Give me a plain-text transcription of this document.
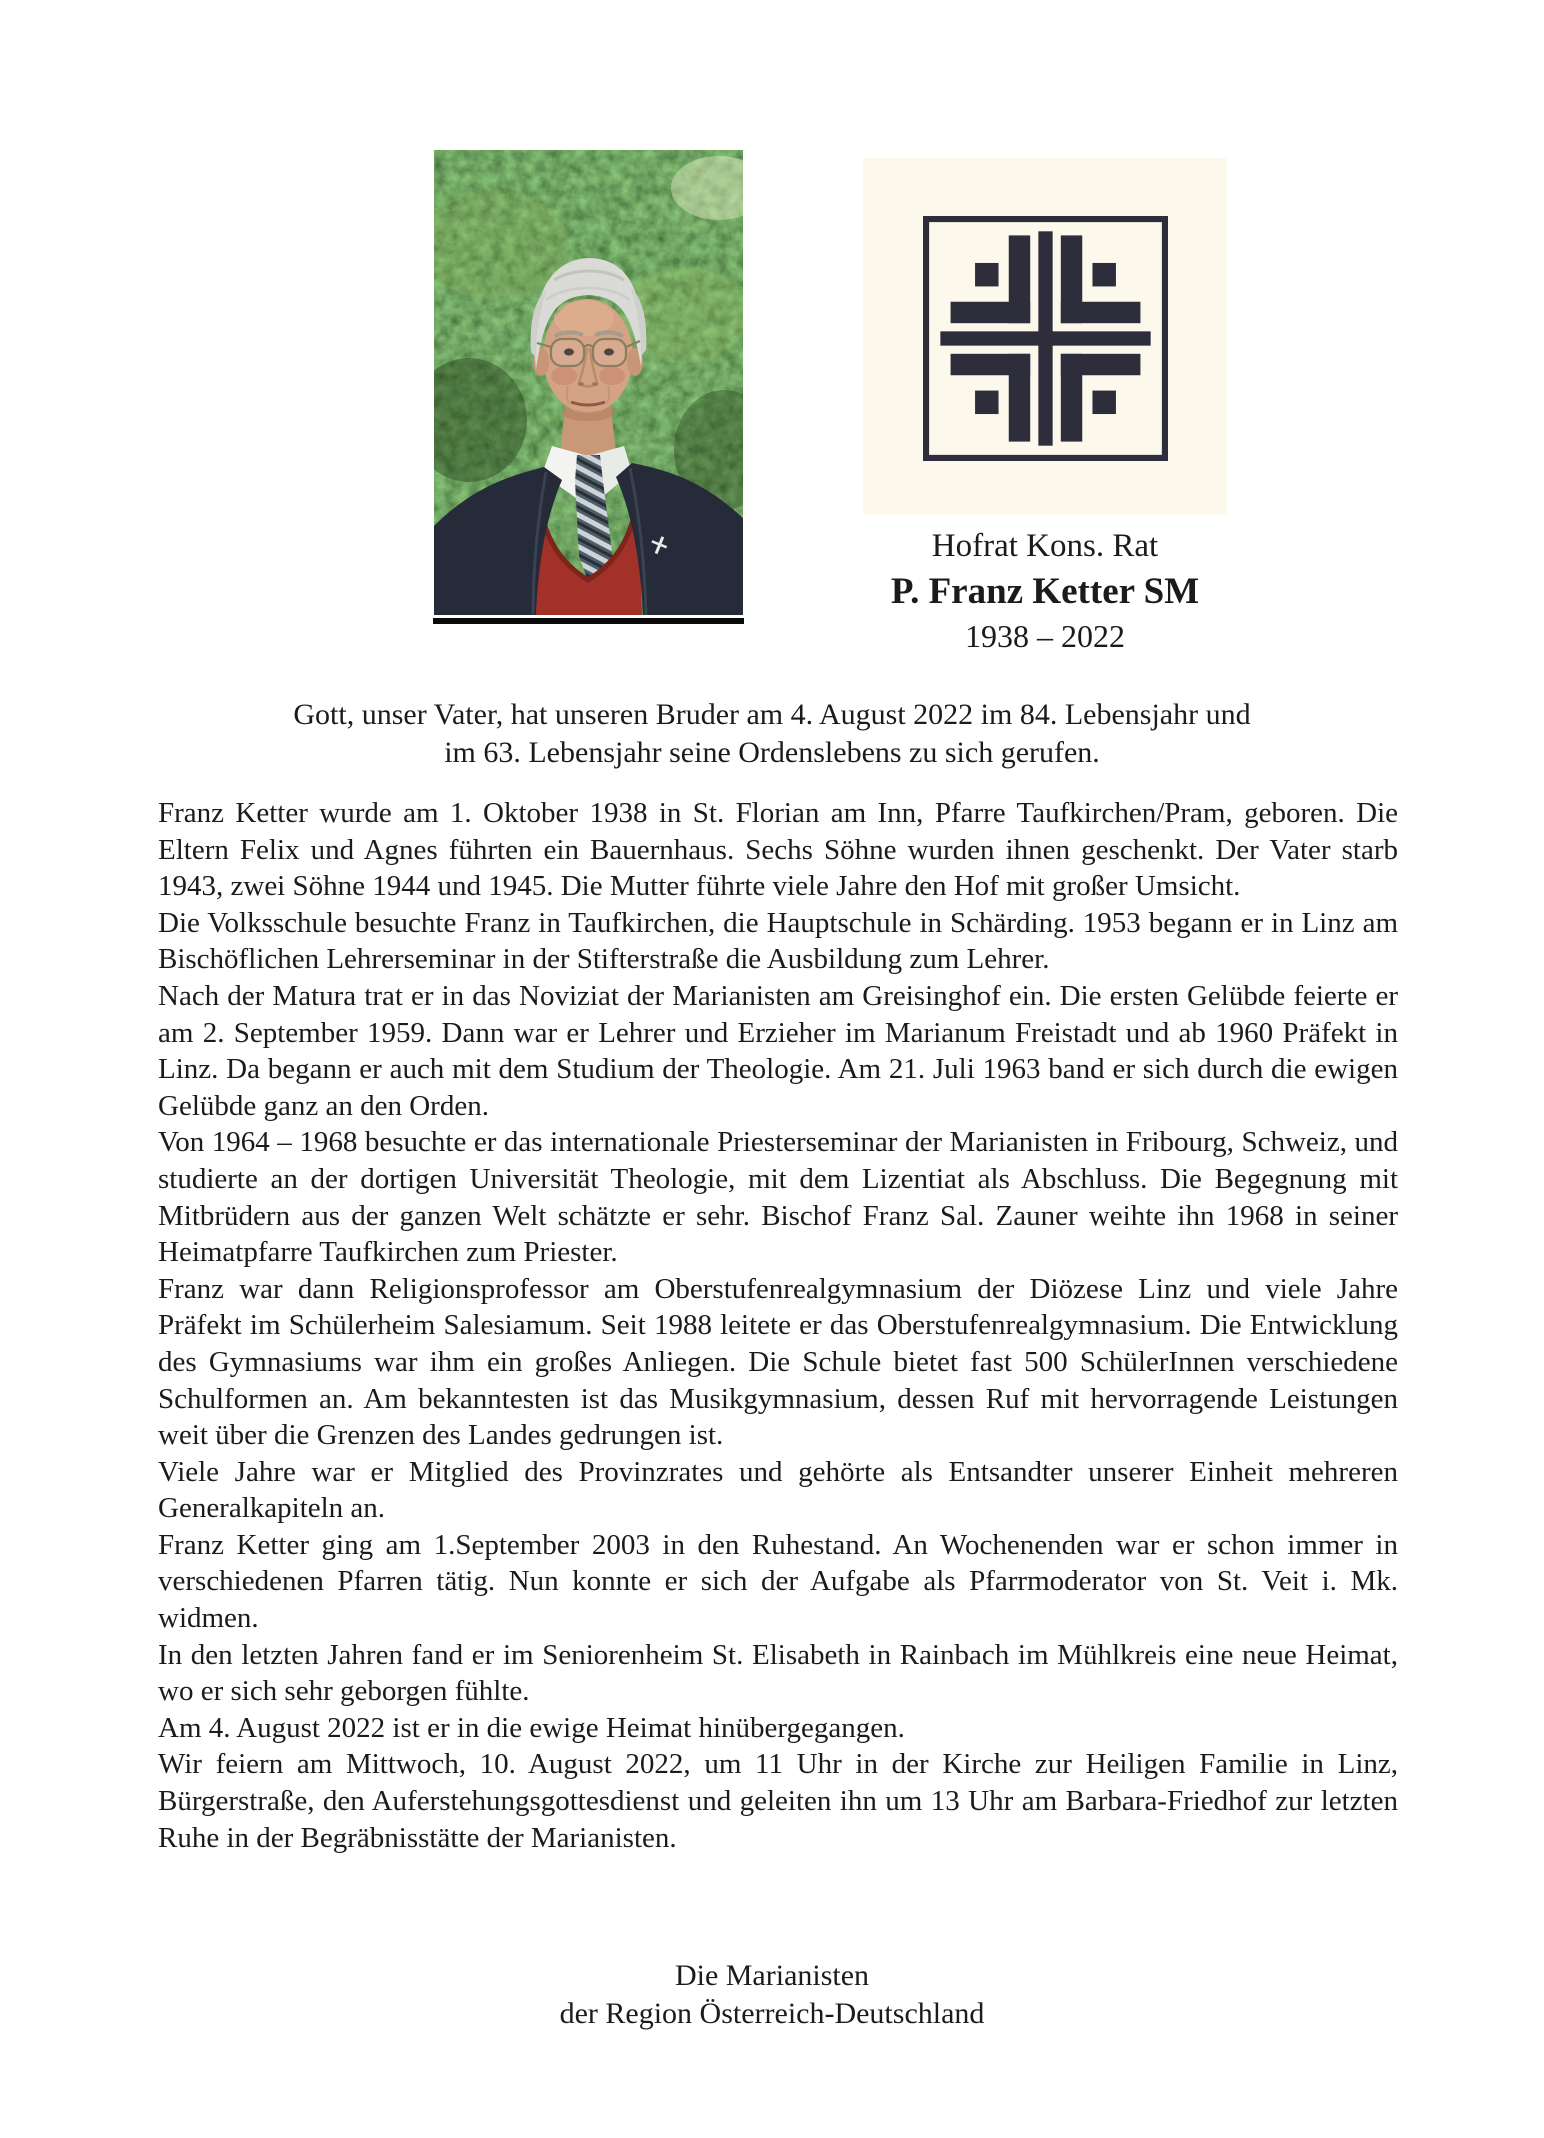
Hofrat Kons. Rat
P. Franz Ketter SM
1938 – 2022
Gott, unser Vater, hat unseren Bruder am 4. August 2022 im 84. Lebensjahr und
im 63. Lebensjahr seine Ordenslebens zu sich gerufen.

Franz Ketter wurde am 1. Oktober 1938 in St. Florian am Inn, Pfarre Taufkirchen/Pram, geboren. Die Eltern Felix und Agnes führten ein Bauernhaus. Sechs Söhne wurden ihnen geschenkt. Der Vater starb 1943, zwei Söhne 1944 und 1945. Die Mutter führte viele Jahre den Hof mit großer Umsicht.

Die Volksschule besuchte Franz in Taufkirchen, die Hauptschule in Schärding. 1953 begann er in Linz am Bischöflichen Lehrerseminar in der Stifterstraße die Ausbildung zum Lehrer.

Nach der Matura trat er in das Noviziat der Marianisten am Greisinghof ein. Die ersten Gelübde feierte er am 2. September 1959. Dann war er Lehrer und Erzieher im Marianum Freistadt und ab 1960 Präfekt in Linz. Da begann er auch mit dem Studium der Theologie. Am 21. Juli 1963 band er sich durch die ewigen Gelübde ganz an den Orden.

Von 1964 – 1968 besuchte er das internationale Priesterseminar der Marianisten in Fribourg, Schweiz, und studierte an der dortigen Universität Theologie, mit dem Lizentiat als Abschluss. Die Begegnung mit Mitbrüdern aus der ganzen Welt schätzte er sehr. Bischof Franz Sal. Zauner weihte ihn 1968 in seiner Heimatpfarre Taufkirchen zum Priester.

Franz war dann Religionsprofessor am Oberstufenrealgymnasium der Diözese Linz und viele Jahre Präfekt im Schülerheim Salesiamum. Seit 1988 leitete er das Oberstufenrealgymnasium. Die Entwicklung des Gymnasiums war ihm ein großes Anliegen. Die Schule bietet fast 500 SchülerInnen verschiedene Schulformen an. Am bekanntesten ist das Musikgymnasium, dessen Ruf mit hervorragende Leistungen weit über die Grenzen des Landes gedrungen ist.

Viele Jahre war er Mitglied des Provinzrates und gehörte als Entsandter unserer Einheit mehreren Generalkapiteln an.

Franz Ketter ging am 1.September 2003 in den Ruhestand. An Wochenenden war er schon immer in verschiedenen Pfarren tätig. Nun konnte er sich der Aufgabe als Pfarrmoderator von St. Veit i. Mk. widmen.

In den letzten Jahren fand er im Seniorenheim St. Elisabeth in Rainbach im Mühlkreis eine neue Heimat, wo er sich sehr geborgen fühlte.

Am 4. August 2022 ist er in die ewige Heimat hinübergegangen.

Wir feiern am Mittwoch, 10. August 2022, um 11 Uhr in der Kirche zur Heiligen Familie in Linz, Bürgerstraße, den Auferstehungsgottesdienst und geleiten ihn um 13 Uhr am Barbara-Friedhof zur letzten Ruhe in der Begräbnisstätte der Marianisten.

Die Marianisten
der Region Österreich-Deutschland
